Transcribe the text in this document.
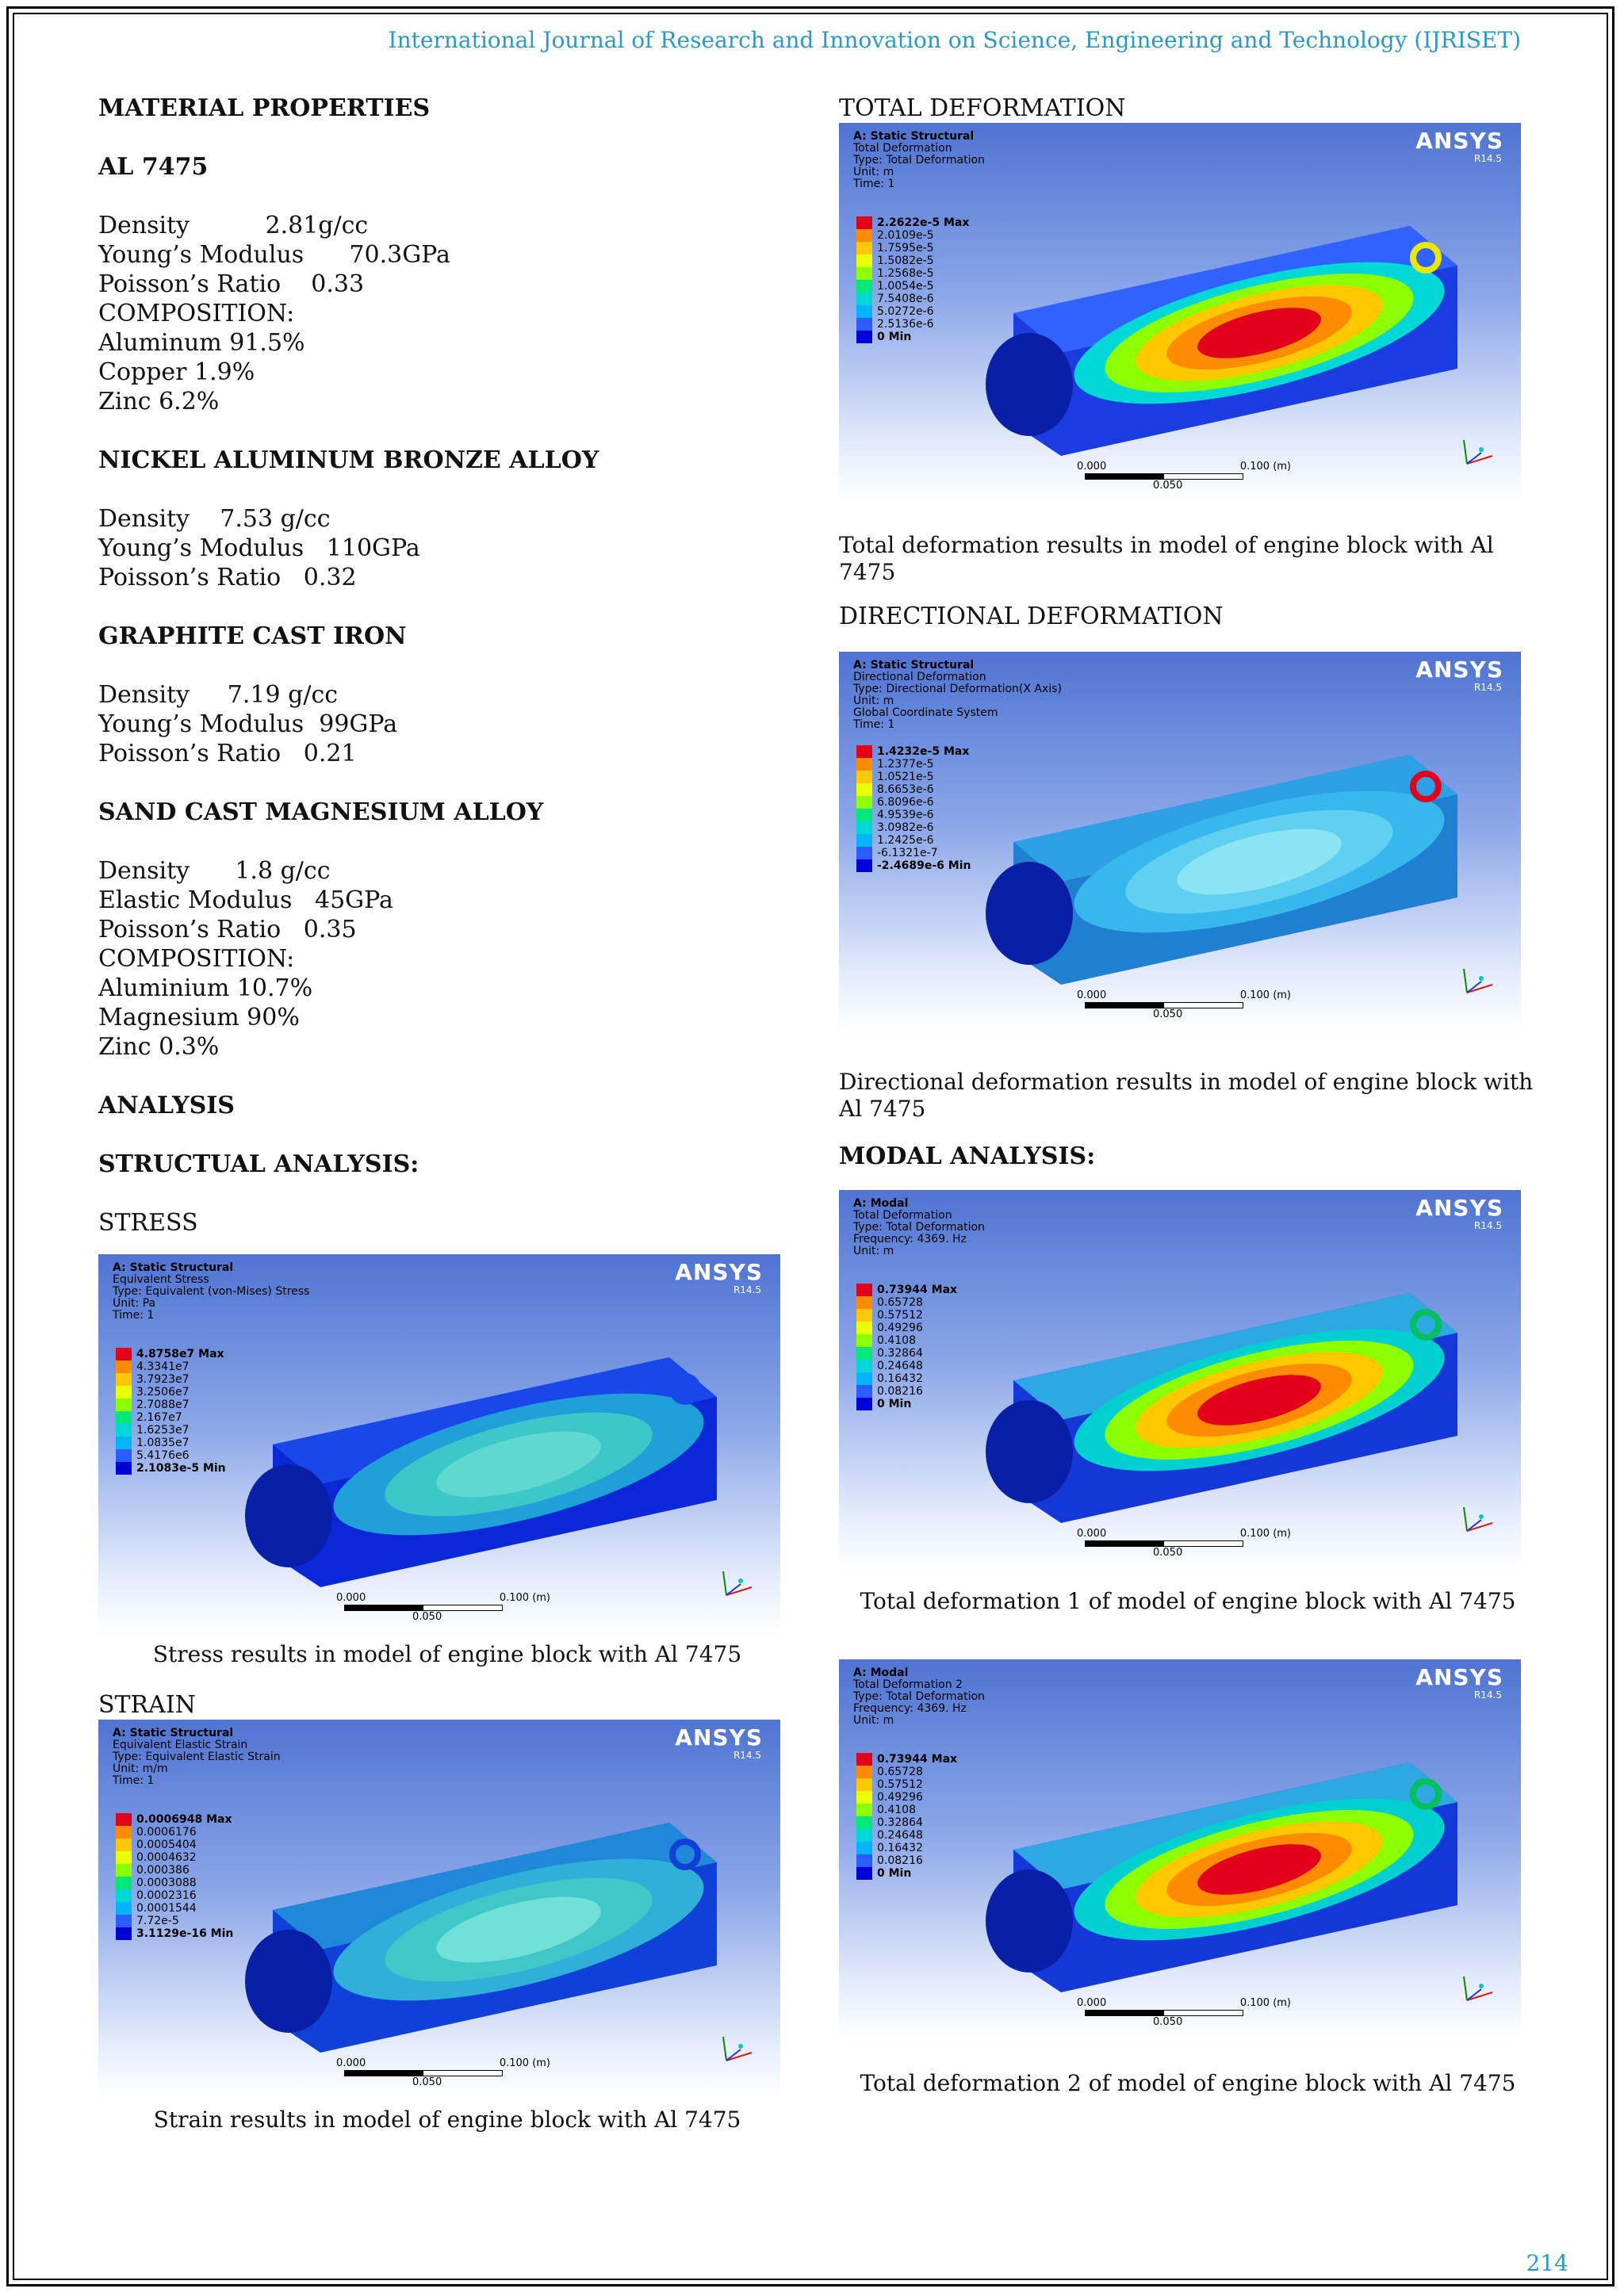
International Journal of Research and Innovation on Science, Engineering and Technology (IJRISET)

MATERIAL PROPERTIES

AL 7475

Density          2.81g/cc

Young’s Modulus      70.3GPa

Poisson’s Ratio    0.33

COMPOSITION:

Aluminum 91.5%

Copper 1.9%

Zinc 6.2%

NICKEL ALUMINUM BRONZE ALLOY

Density    7.53 g/cc

Young’s Modulus   110GPa

Poisson’s Ratio   0.32

GRAPHITE CAST IRON

Density     7.19 g/cc

Young’s Modulus  99GPa

Poisson’s Ratio   0.21

SAND CAST MAGNESIUM ALLOY

Density      1.8 g/cc

Elastic Modulus   45GPa

Poisson’s Ratio   0.35

COMPOSITION:

Aluminium 10.7%

Magnesium 90%

Zinc 0.3%

ANALYSIS

STRUCTUAL ANALYSIS:

STRESS

A: Static Structural
Equivalent Stress
Type: Equivalent (von-Mises) Stress
Unit: Pa
Time: 1
ANSYS
R14.5
4.8758e7 Max
4.3341e7
3.7923e7
3.2506e7
2.7088e7
2.167e7
1.6253e7
1.0835e7
5.4176e6
2.1083e-5 Min
0.000	0.100 (m)
0.050

Stress results in model of engine block with Al 7475

STRAIN

A: Static Structural
Equivalent Elastic Strain
Type: Equivalent Elastic Strain
Unit: m/m
Time: 1
ANSYS
R14.5
0.0006948 Max
0.0006176
0.0005404
0.0004632
0.000386
0.0003088
0.0002316
0.0001544
7.72e-5
3.1129e-16 Min
0.000	0.100 (m)
0.050

Strain results in model of engine block with Al 7475

TOTAL DEFORMATION

A: Static Structural
Total Deformation
Type: Total Deformation
Unit: m
Time: 1
ANSYS
R14.5
2.2622e-5 Max
2.0109e-5
1.7595e-5
1.5082e-5
1.2568e-5
1.0054e-5
7.5408e-6
5.0272e-6
2.5136e-6
0 Min
0.000	0.100 (m)
0.050

Total deformation results in model of engine block with Al 7475

DIRECTIONAL DEFORMATION

A: Static Structural
Directional Deformation
Type: Directional Deformation(X Axis)
Unit: m
Global Coordinate System
Time: 1
ANSYS
R14.5
1.4232e-5 Max
1.2377e-5
1.0521e-5
8.6653e-6
6.8096e-6
4.9539e-6
3.0982e-6
1.2425e-6
-6.1321e-7
-2.4689e-6 Min
0.000	0.100 (m)
0.050

Directional deformation results in model of engine block with Al 7475

MODAL ANALYSIS:

A: Modal
Total Deformation
Type: Total Deformation
Frequency: 4369. Hz
Unit: m
ANSYS
R14.5
0.73944 Max
0.65728
0.57512
0.49296
0.4108
0.32864
0.24648
0.16432
0.08216
0 Min
0.000	0.100 (m)
0.050

Total deformation 1 of model of engine block with Al 7475

A: Modal
Total Deformation 2
Type: Total Deformation
Frequency: 4369. Hz
Unit: m
ANSYS
R14.5
0.73944 Max
0.65728
0.57512
0.49296
0.4108
0.32864
0.24648
0.16432
0.08216
0 Min
0.000	0.100 (m)
0.050

Total deformation 2 of model of engine block with Al 7475

214
